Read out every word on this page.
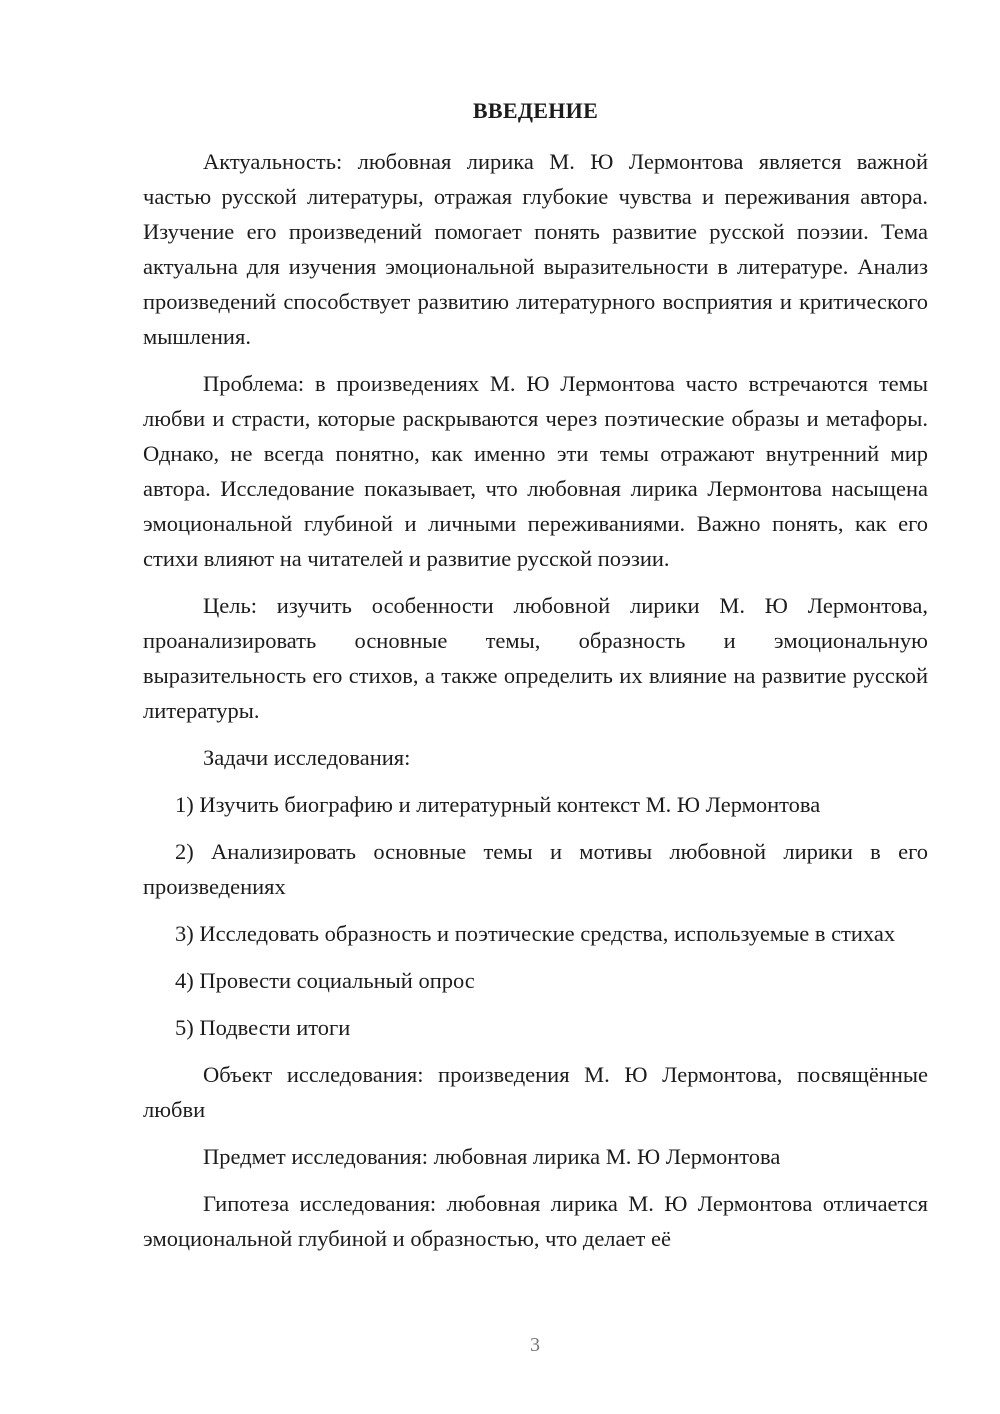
ВВЕДЕНИЕ

Актуальность: любовная лирика М. Ю Лермонтова является важной частью русской литературы, отражая глубокие чувства и переживания автора. Изучение его произведений помогает понять развитие русской поэзии. Тема актуальна для изучения эмоциональной выразительности в литературе. Анализ произведений способствует развитию литературного восприятия и критического мышления.

Проблема: в произведениях М. Ю Лермонтова часто встречаются темы любви и страсти, которые раскрываются через поэтические образы и метафоры. Однако, не всегда понятно, как именно эти темы отражают внутренний мир автора. Исследование показывает, что любовная лирика Лермонтова насыщена эмоциональной глубиной и личными переживаниями. Важно понять, как его стихи влияют на читателей и развитие русской поэзии.

Цель: изучить особенности любовной лирики М. Ю Лермонтова, проанализировать основные темы, образность и эмоциональную выразительность его стихов, а также определить их влияние на развитие русской литературы.

Задачи исследования:

1) Изучить биографию и литературный контекст М. Ю Лермонтова

2) Анализировать основные темы и мотивы любовной лирики в его произведениях

3) Исследовать образность и поэтические средства, используемые в стихах

4) Провести социальный опрос

5) Подвести итоги

Объект исследования: произведения М. Ю Лермонтова, посвящённые любви

Предмет исследования: любовная лирика М. Ю Лермонтова

Гипотеза исследования: любовная лирика М. Ю Лермонтова отличается эмоциональной глубиной и образностью, что делает её

3
